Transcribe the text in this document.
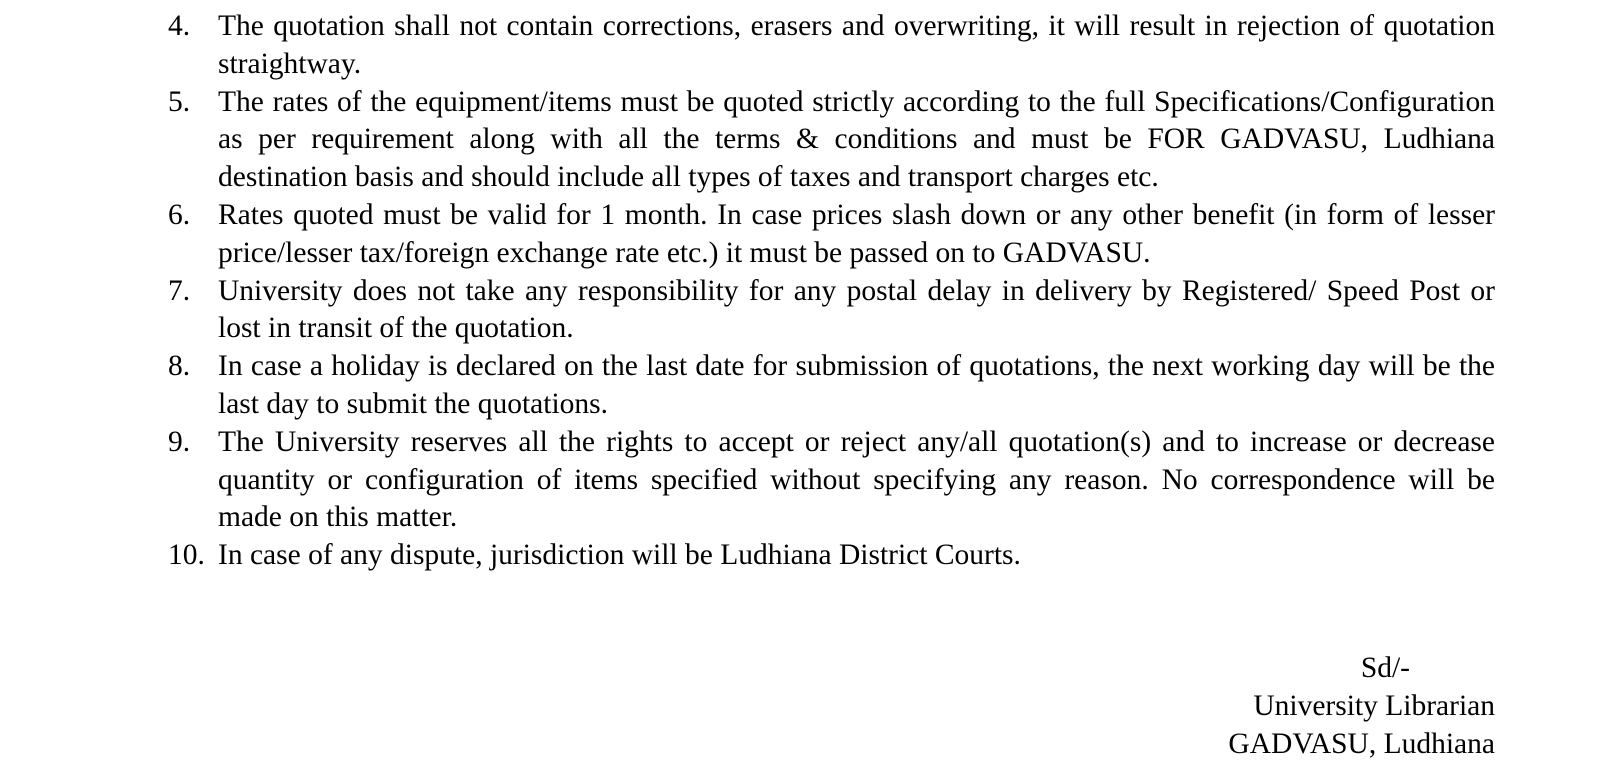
4. The quotation shall not contain corrections, erasers and overwriting, it will result in rejection of quotation straightway.
5. The rates of the equipment/items must be quoted strictly according to the full Specifications/Configuration as per requirement along with all the terms & conditions and must be FOR GADVASU, Ludhiana destination basis and should include all types of taxes and transport charges etc.
6. Rates quoted must be valid for 1 month. In case prices slash down or any other benefit (in form of lesser price/lesser tax/foreign exchange rate etc.) it must be passed on to GADVASU.
7. University does not take any responsibility for any postal delay in delivery by Registered/ Speed Post or lost in transit of the quotation.
8. In case a holiday is declared on the last date for submission of quotations, the next working day will be the last day to submit the quotations.
9. The University reserves all the rights to accept or reject any/all quotation(s) and to increase or decrease quantity or configuration of items specified without specifying any reason. No correspondence will be made on this matter.
10. In case of any dispute, jurisdiction will be Ludhiana District Courts.
Sd/-
University Librarian
GADVASU, Ludhiana
